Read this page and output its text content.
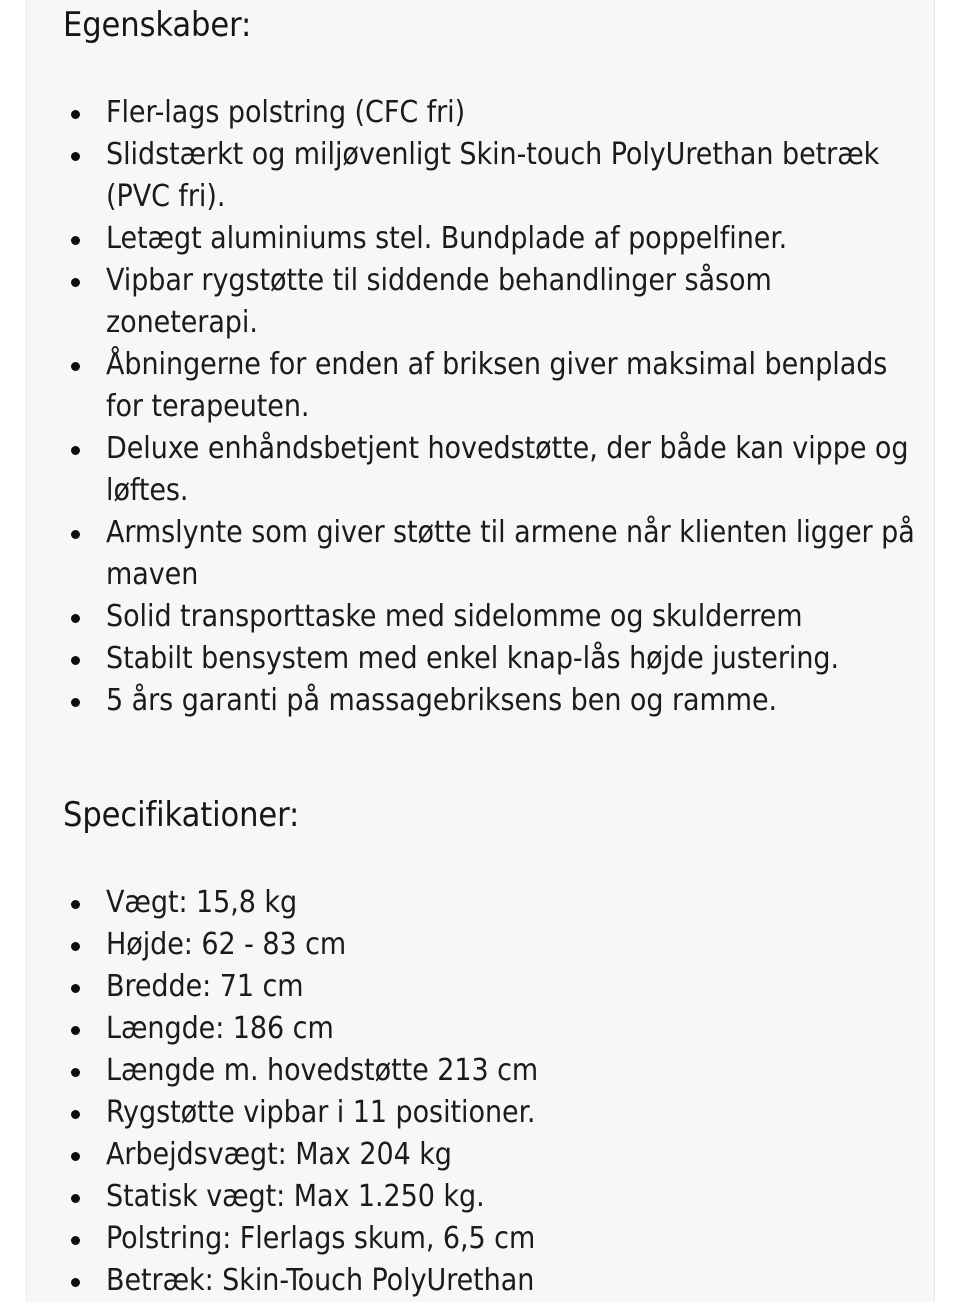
Egenskaber:
Fler-lags polstring (CFC fri)
Slidstærkt og miljøvenligt Skin-touch PolyUrethan betræk (PVC fri).
Letægt aluminiums stel. Bundplade af poppelfiner.
Vipbar rygstøtte til siddende behandlinger såsom zoneterapi.
Åbningerne for enden af briksen giver maksimal benplads for terapeuten.
Deluxe enhåndsbetjent hovedstøtte, der både kan vippe og løftes.
Armslynte som giver støtte til armene når klienten ligger på maven
Solid transporttaske med sidelomme og skulderrem
Stabilt bensystem med enkel knap-lås højde justering.
5 års garanti på massagebriksens ben og ramme.
Specifikationer:
Vægt: 15,8 kg
Højde: 62 - 83 cm
Bredde: 71 cm
Længde: 186 cm
Længde m. hovedstøtte 213 cm
Rygstøtte vipbar i 11 positioner.
Arbejdsvægt: Max 204 kg
Statisk vægt: Max 1.250 kg.
Polstring: Flerlags skum, 6,5 cm
Betræk: Skin-Touch PolyUrethan
